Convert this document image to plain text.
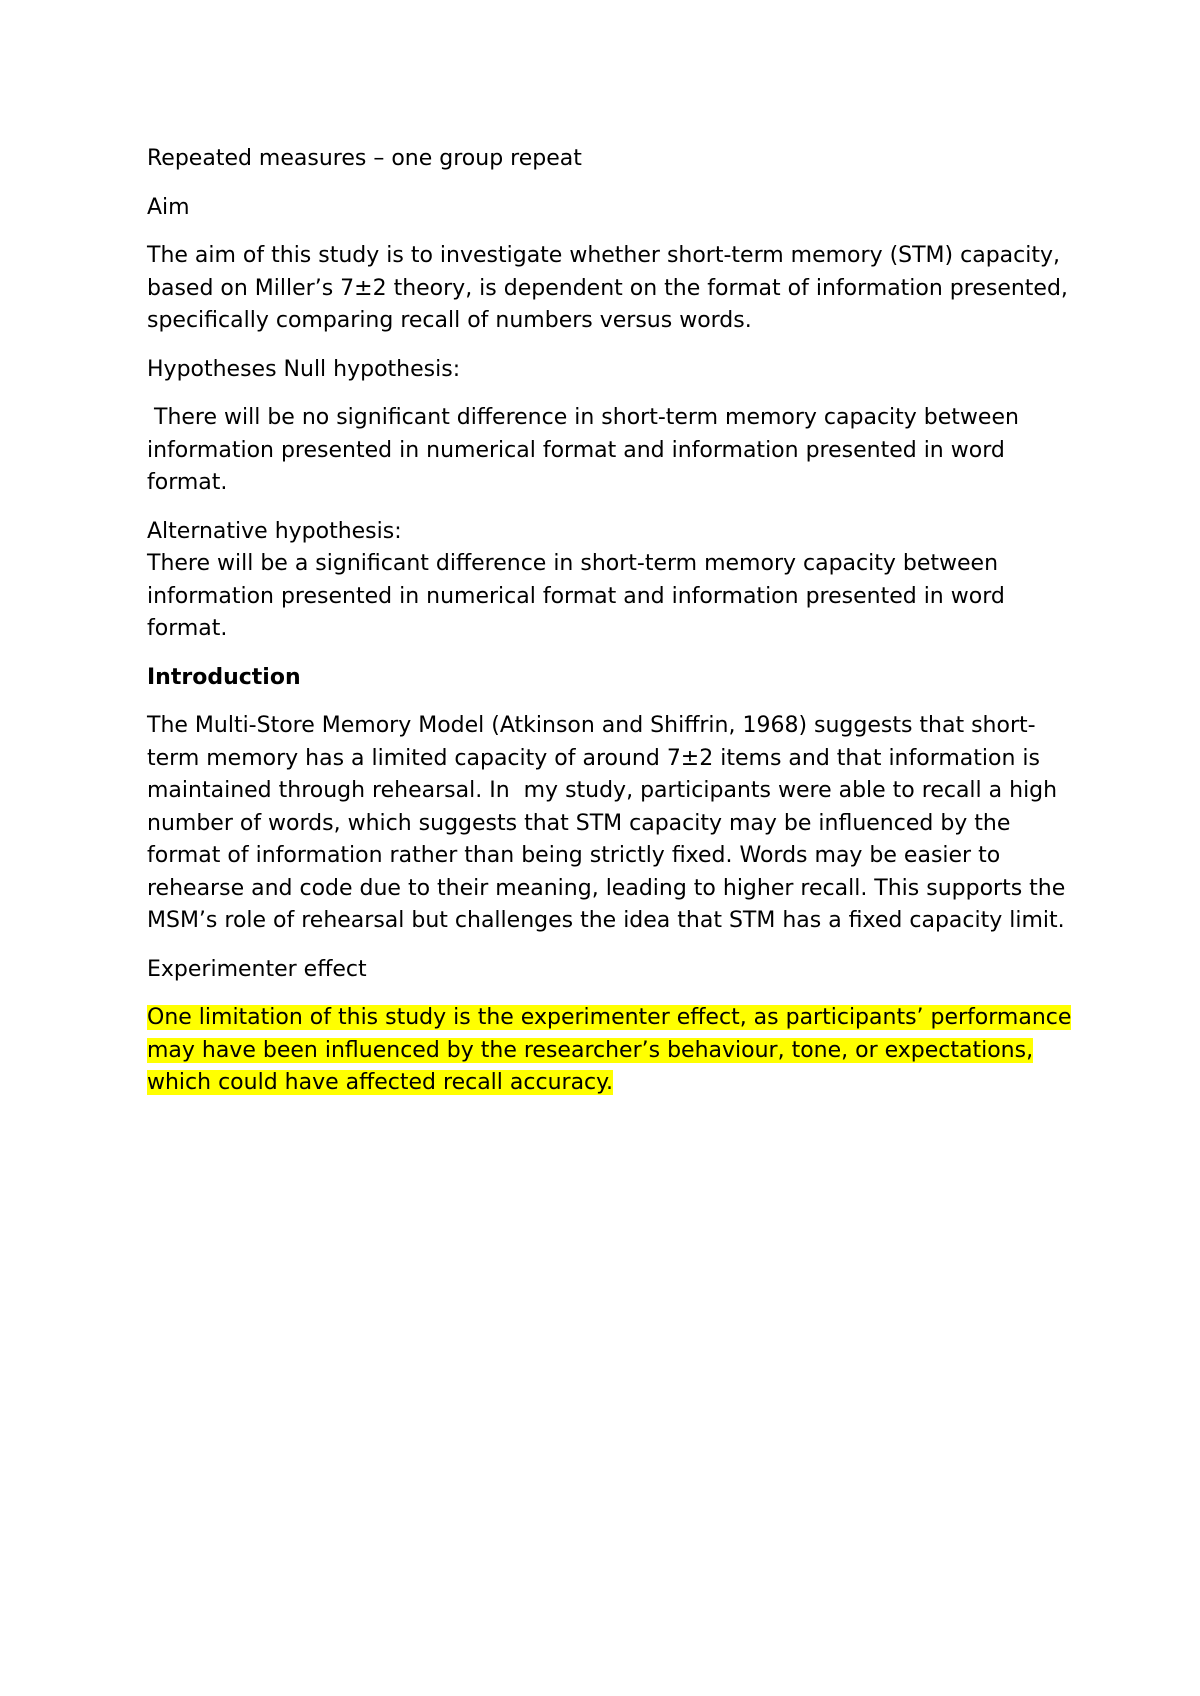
Repeated measures – one group repeat

Aim

The aim of this study is to investigate whether short-term memory (STM) capacity, based on Miller’s 7±2 theory, is dependent on the format of information presented, specifically comparing recall of numbers versus words.

Hypotheses Null hypothesis:

There will be no significant difference in short-term memory capacity between information presented in numerical format and information presented in word format.

Alternative hypothesis:

There will be a significant difference in short-term memory capacity between information presented in numerical format and information presented in word format.

Introduction

The Multi-Store Memory Model (Atkinson and Shiffrin, 1968) suggests that short-term memory has a limited capacity of around 7±2 items and that information is maintained through rehearsal. In  my study, participants were able to recall a high number of words, which suggests that STM capacity may be influenced by the format of information rather than being strictly fixed. Words may be easier to rehearse and code due to their meaning, leading to higher recall. This supports the MSM’s role of rehearsal but challenges the idea that STM has a fixed capacity limit.

Experimenter effect

One limitation of this study is the experimenter effect, as participants’ performance may have been influenced by the researcher’s behaviour, tone, or expectations, which could have affected recall accuracy.
